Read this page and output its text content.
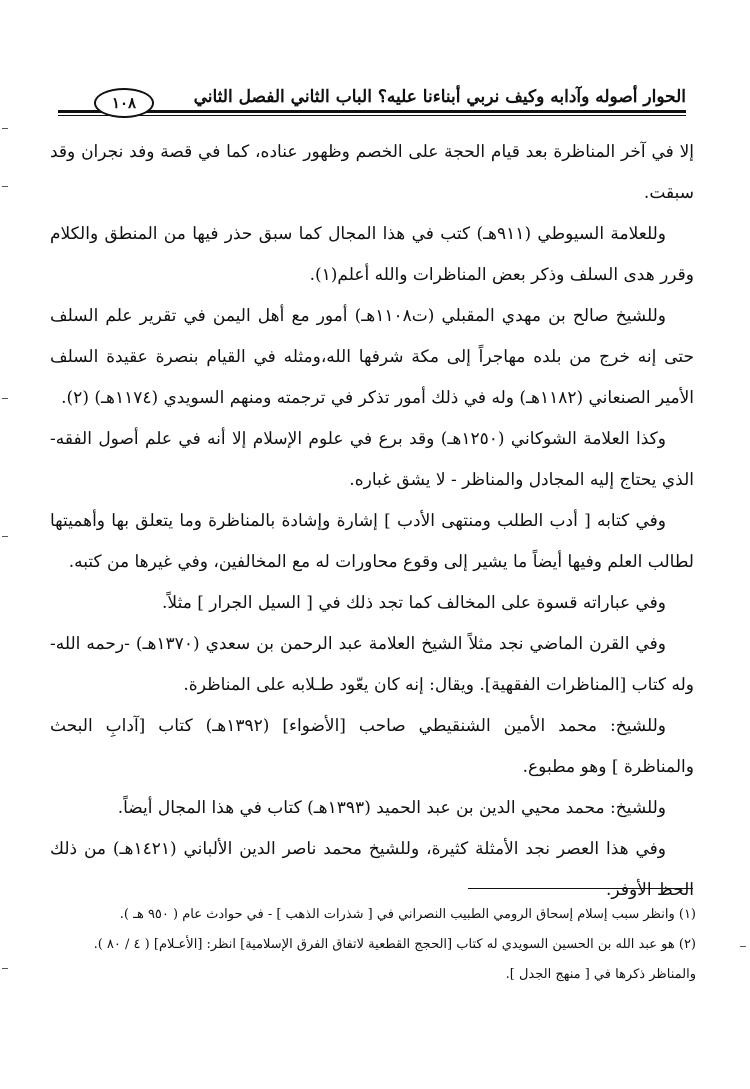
الحوار أصوله وآدابه وكيف نربي أبناءنا عليه؟ الباب الثاني الفصل الثاني
١٠٨

إلا في آخر المناظرة بعد قيام الحجة على الخصم وظهور عناده، كما في قصة وفد نجران وقد سبقت.

وللعلامة السيوطي (٩١١هـ) كتب في هذا المجال كما سبق حذر فيها من المنطق والكلام وقرر هدى السلف وذكر بعض المناظرات والله أعلم(١).

وللشيخ صالح بن مهدي المقبلي (ت١١٠٨هـ) أمور مع أهل اليمن في تقرير علم السلف حتى إنه خرج من بلده مهاجراً إلى مكة شرفها الله،ومثله في القيام بنصرة عقيدة السلف الأمير الصنعاني (١١٨٢هـ) وله في ذلك أمور تذكر في ترجمته ومنهم السويدي (١١٧٤هـ) (٢).

وكذا العلامة الشوكاني (١٢٥٠هـ) وقد برع في علوم الإسلام إلا أنه في علم أصول الفقه- الذي يحتاج إليه المجادل والمناظر - لا يشق غباره.

وفي كتابه [ أدب الطلب ومنتهى الأدب ] إشارة وإشادة بالمناظرة وما يتعلق بها وأهميتها لطالب العلم وفيها أيضاً ما يشير إلى وقوع محاورات له مع المخالفين، وفي غيرها من كتبه.

وفي عباراته قسوة على المخالف كما تجد ذلك في [ السيل الجرار ] مثلاً.

وفي القرن الماضي نجد مثلاً الشيخ العلامة عبد الرحمن بن سعدي (١٣٧٠هـ) -رحمه الله- وله كتاب [المناظرات الفقهية]. ويقال: إنه كان يعّود طـلابه على المناظرة.

وللشيخ: محمد الأمين الشنقيطي صاحب [الأضواء] (١٣٩٢هـ) كتاب [آدابِ البحث والمناظرة ] وهو مطبوع.

وللشيخ: محمد محيي الدين بن عبد الحميد (١٣٩٣هـ) كتاب في هذا المجال أيضاً.

وفي هذا العصر نجد الأمثلة كثيرة، وللشيخ محمد ناصر الدين الألباني (١٤٢١هـ) من ذلك الحظ الأوفر.

(١) وانظر سبب إسلام إسحاق الرومي الطبيب النصراني في [ شذرات الذهب ] - في حوادث عام ( ٩٥٠ هـ ).

(٢) هو عبد الله بن الحسين السويدي له كتاب [الحجج القطعية لاتفاق الفرق الإسلامية] انظر: [الأعـلام] ( ٤ / ٨٠ ). والمناظر ذكرها في [ منهج الجدل ].
